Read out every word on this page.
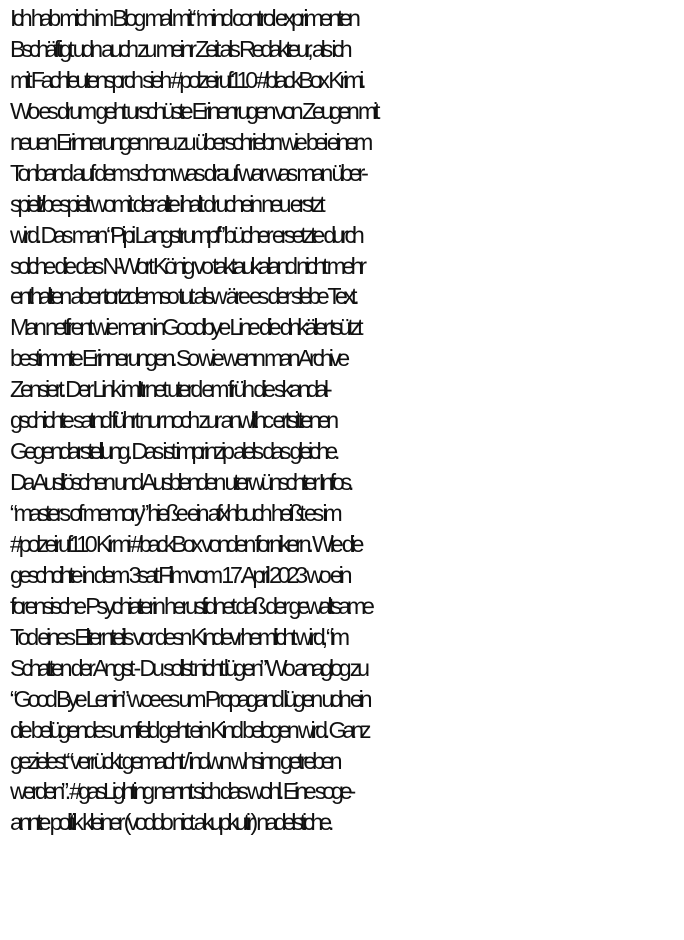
Ich hab mich im Blog mal mit “mind control exprimenten
Bschäftigt udn auch zu meinr Zeit als Redakteur, als ich
mit Fachleutensprch sieh #polzeiruf110 #blackBox Krimi.
Wo es drum geht urschüste Erinenrugen von Zeugen mit
neuen Erinnerungen neu zu überschriebn wie bei einem
Tonband auf dem schon was drauf war was man über-
spielt/bespielt womit der alte ihalt druchein neu erstzt
wird. Das man “Pipi Langstrumpf” bücher ersetzte durch
solche die das N-Wort König vo taktaukaland nicht mehr
enthalten aber tortzdemso tut alsw äre es der slebe Text.
Man netfrent wie man inGoodbye Line die dnkäler tsützt
bestimmte Erinnerungen. So wie wenn man Archive
Zensiert. Der Link imItrnet uterd em früh die skandal-
gschichte satnd führt nur noch zur anwlthc ertsittenen
Gegendarstellung. Das ist imprinzip alels das gleiche.
Da Ausllöschen und Ausblenden uterwünschter Infos.
“masters of memory” hieße ein afxhbuch heißt es im
#polzeiruf110 Kirmi #backBox vonden fornikern. Wie die
geschcihte in dem 3sat Film vom 17.April 2023 wo ein
forensische Psychiaterin herusfidnet daß der gewaltsame
Tod eines Elternteils vor desn Kindevrhemlicht wird, “im
Schatten der Angst - Du sollst nicht lügen” Wo anaglog zu
“Good Bye Lenin” woe es um Propagand lügen udn ein
die belügendes umfeld geht ein Kind belogen wird. Ganz
gezielest “verrückt gemacht / indwn whsinn getreben
werden”. #gasLighting nennt sich das wohl. Eine soge-
annte politik kleiner (voddo nict akupkutir) nadelstiche.
